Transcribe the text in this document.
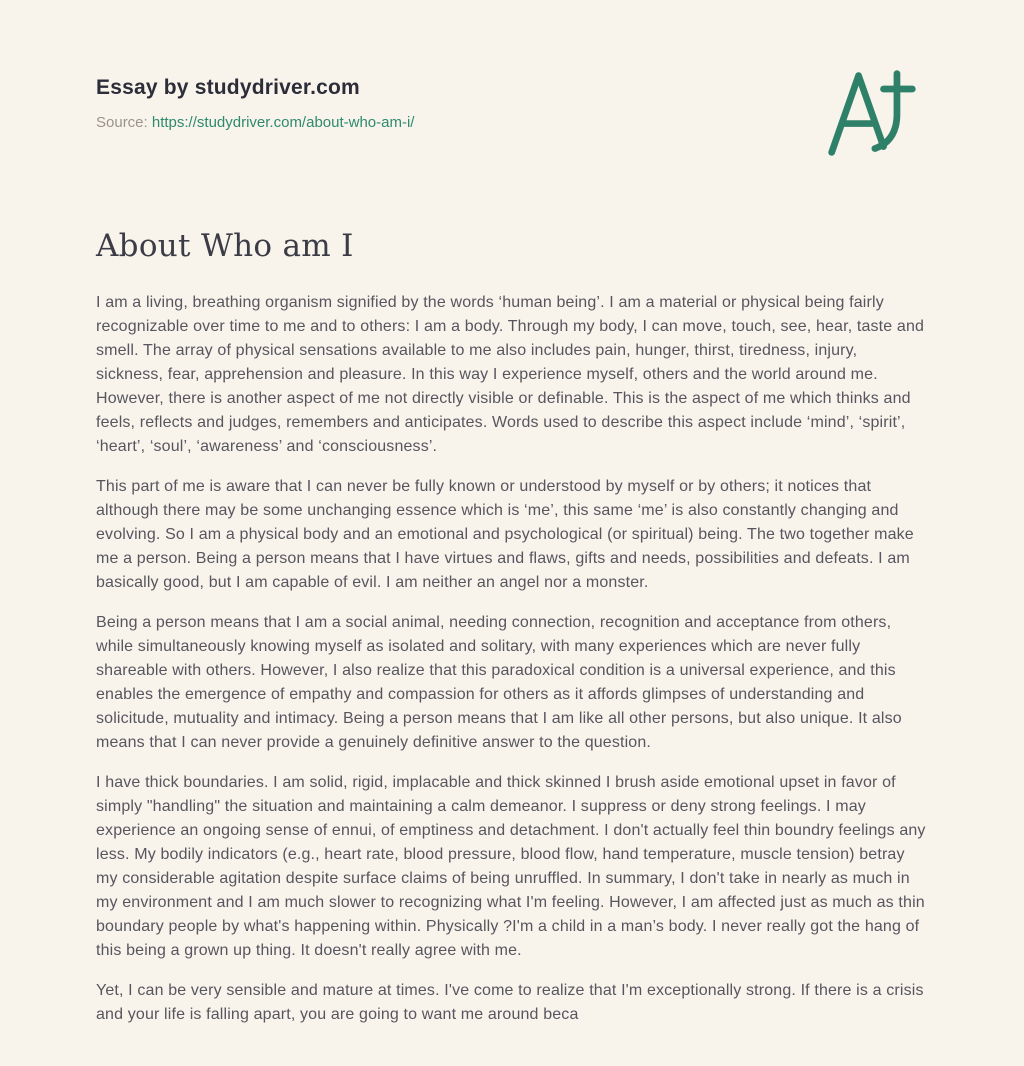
Essay by studydriver.com
Source: https://studydriver.com/about-who-am-i/
About Who am I

I am a living, breathing organism signified by the words ‘human being’. I am a material or physical being fairly recognizable over time to me and to others: I am a body. Through my body, I can move, touch, see, hear, taste and smell. The array of physical sensations available to me also includes pain, hunger, thirst, tiredness, injury, sickness, fear, apprehension and pleasure. In this way I experience myself, others and the world around me. However, there is another aspect of me not directly visible or definable. This is the aspect of me which thinks and feels, reflects and judges, remembers and anticipates. Words used to describe this aspect include ‘mind’, ‘spirit’, ‘heart’, ‘soul’, ‘awareness’ and ‘consciousness’.

This part of me is aware that I can never be fully known or understood by myself or by others; it notices that although there may be some unchanging essence which is ‘me’, this same ‘me’ is also constantly changing and evolving. So I am a physical body and an emotional and psychological (or spiritual) being. The two together make me a person. Being a person means that I have virtues and flaws, gifts and needs, possibilities and defeats. I am basically good, but I am capable of evil. I am neither an angel nor a monster.

Being a person means that I am a social animal, needing connection, recognition and acceptance from others, while simultaneously knowing myself as isolated and solitary, with many experiences which are never fully shareable with others. However, I also realize that this paradoxical condition is a universal experience, and this enables the emergence of empathy and compassion for others as it affords glimpses of understanding and solicitude, mutuality and intimacy. Being a person means that I am like all other persons, but also unique. It also means that I can never provide a genuinely definitive answer to the question.

I have thick boundaries. I am solid, rigid, implacable and thick skinned I brush aside emotional upset in favor of simply "handling" the situation and maintaining a calm demeanor. I suppress or deny strong feelings. I may experience an ongoing sense of ennui, of emptiness and detachment. I don't actually feel thin boundry feelings any less. My bodily indicators (e.g., heart rate, blood pressure, blood flow, hand temperature, muscle tension) betray my considerable agitation despite surface claims of being unruffled. In summary, I don't take in nearly as much in my environment and I am much slower to recognizing what I'm feeling. However, I am affected just as much as thin boundary people by what's happening within. Physically ?I'm a child in a man’s body. I never really got the hang of this being a grown up thing. It doesn't really agree with me.

Yet, I can be very sensible and mature at times. I've come to realize that I'm exceptionally strong. If there is a crisis and your life is falling apart, you are going to want me around beca
